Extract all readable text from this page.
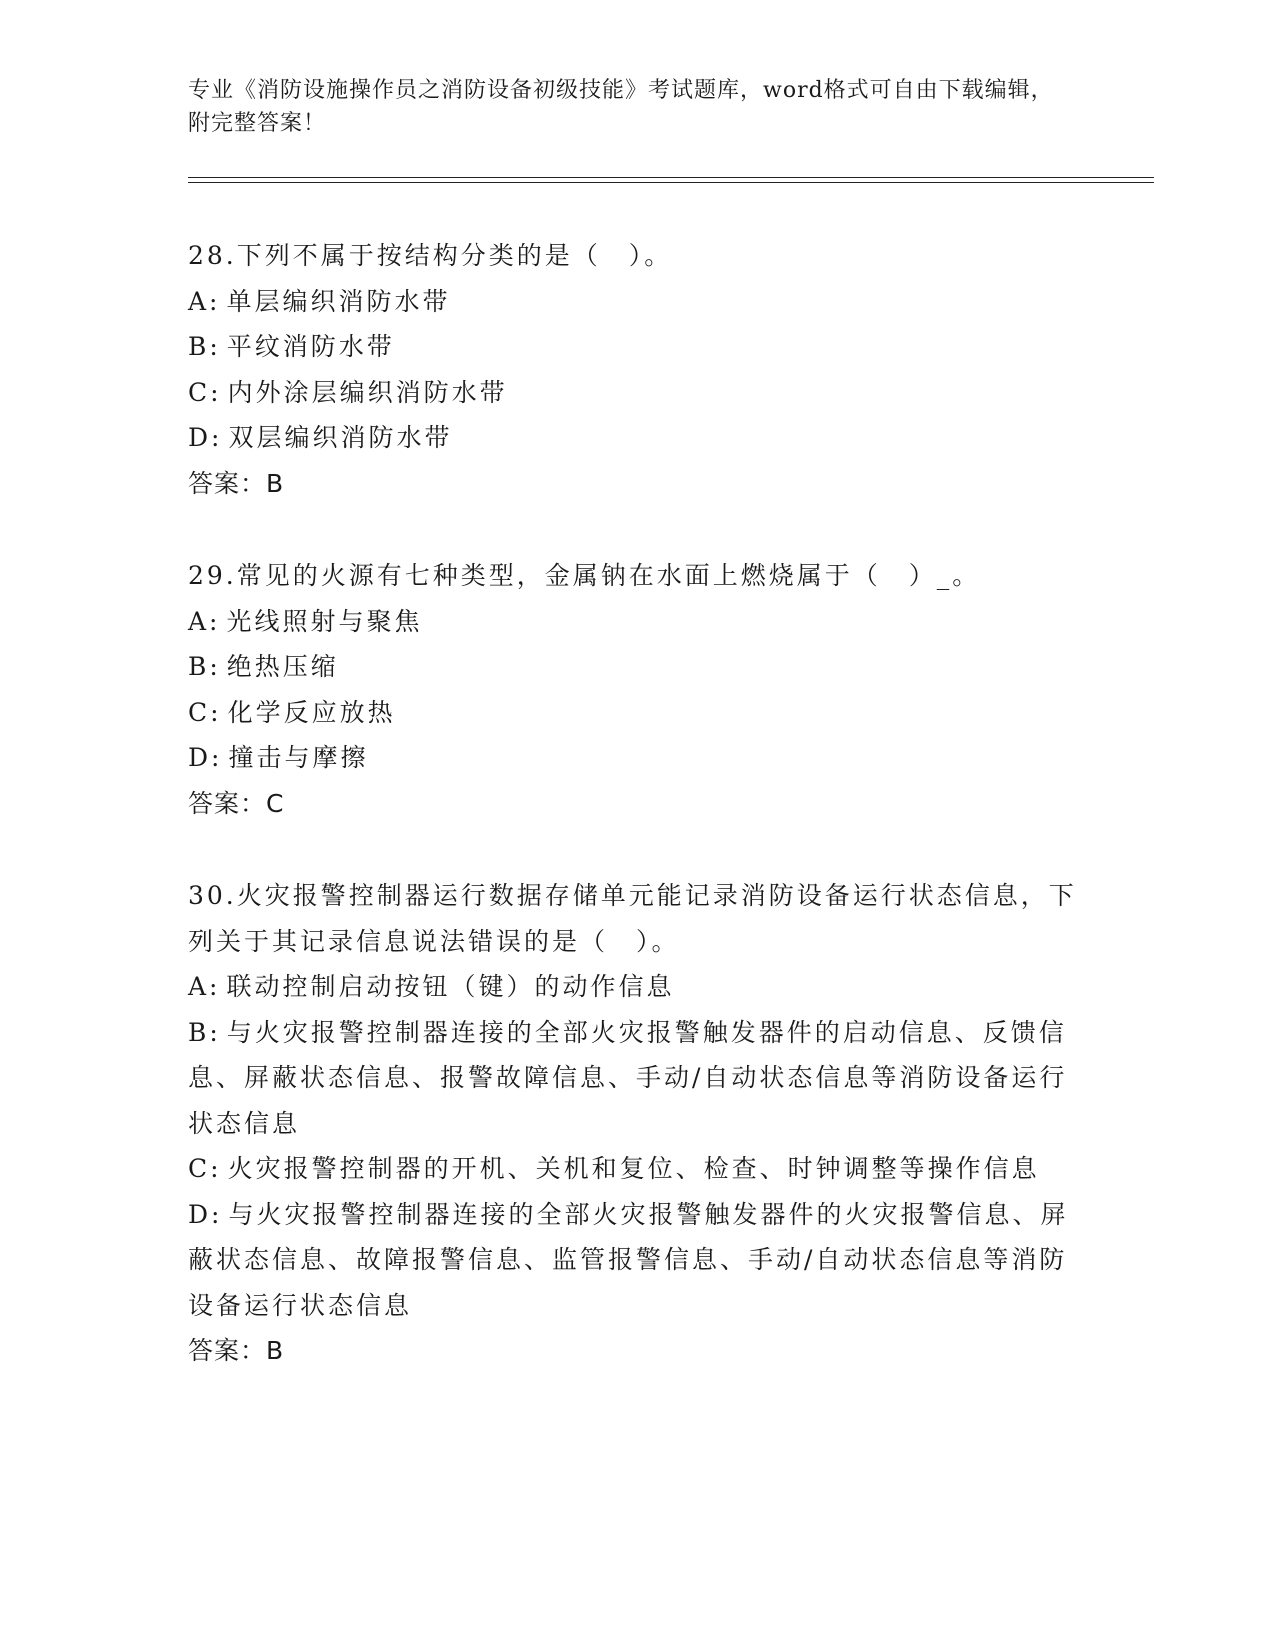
专业《消防设施操作员之消防设备初级技能》考试题库，word格式可自由下载编辑，附完整答案！
28.下列不属于按结构分类的是（　）。
A: 单层编织消防水带
B: 平纹消防水带
C: 内外涂层编织消防水带
D: 双层编织消防水带
答案：B
29.常见的火源有七种类型，金属钠在水面上燃烧属于（　）_。
A: 光线照射与聚焦
B: 绝热压缩
C: 化学反应放热
D: 撞击与摩擦
答案：C
30.火灾报警控制器运行数据存储单元能记录消防设备运行状态信息，下列关于其记录信息说法错误的是（　）。
A: 联动控制启动按钮（键）的动作信息
B: 与火灾报警控制器连接的全部火灾报警触发器件的启动信息、反馈信息、屏蔽状态信息、报警故障信息、手动/自动状态信息等消防设备运行状态信息
C: 火灾报警控制器的开机、关机和复位、检查、时钟调整等操作信息
D: 与火灾报警控制器连接的全部火灾报警触发器件的火灾报警信息、屏蔽状态信息、故障报警信息、监管报警信息、手动/自动状态信息等消防设备运行状态信息
答案：B
